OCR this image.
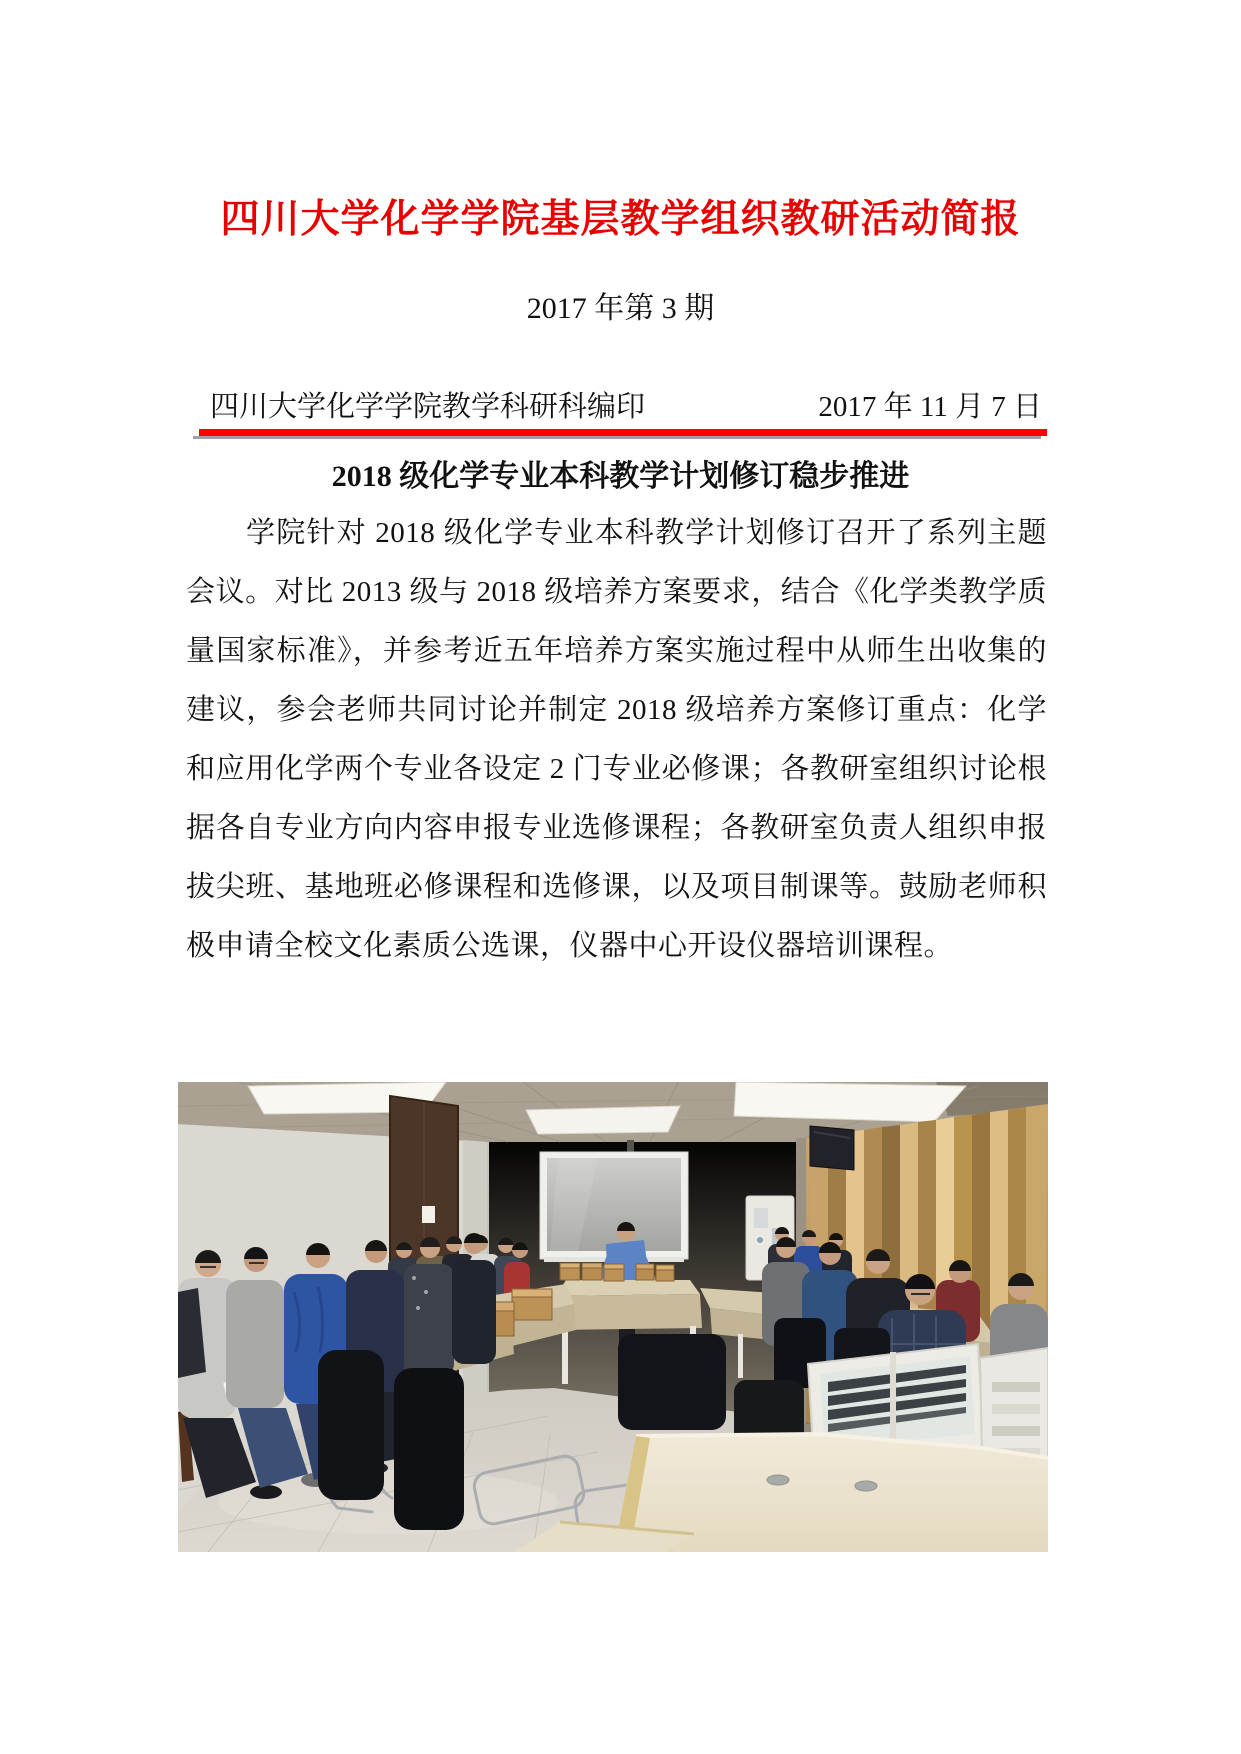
四川大学化学学院基层教学组织教研活动简报
2017 年第 3 期
四川大学化学学院教学科研科编印	2017 年 11 月 7 日
2018 级化学专业本科教学计划修订稳步推进

学院针对 2018 级化学专业本科教学计划修订召开了系列主题会议。对比 2013 级与 2018 级培养方案要求，结合《化学类教学质量国家标准》，并参考近五年培养方案实施过程中从师生出收集的建议，参会老师共同讨论并制定 2018 级培养方案修订重点：化学和应用化学两个专业各设定 2 门专业必修课；各教研室组织讨论根据各自专业方向内容申报专业选修课程；各教研室负责人组织申报拔尖班、基地班必修课程和选修课，以及项目制课等。鼓励老师积极申请全校文化素质公选课，仪器中心开设仪器培训课程。
